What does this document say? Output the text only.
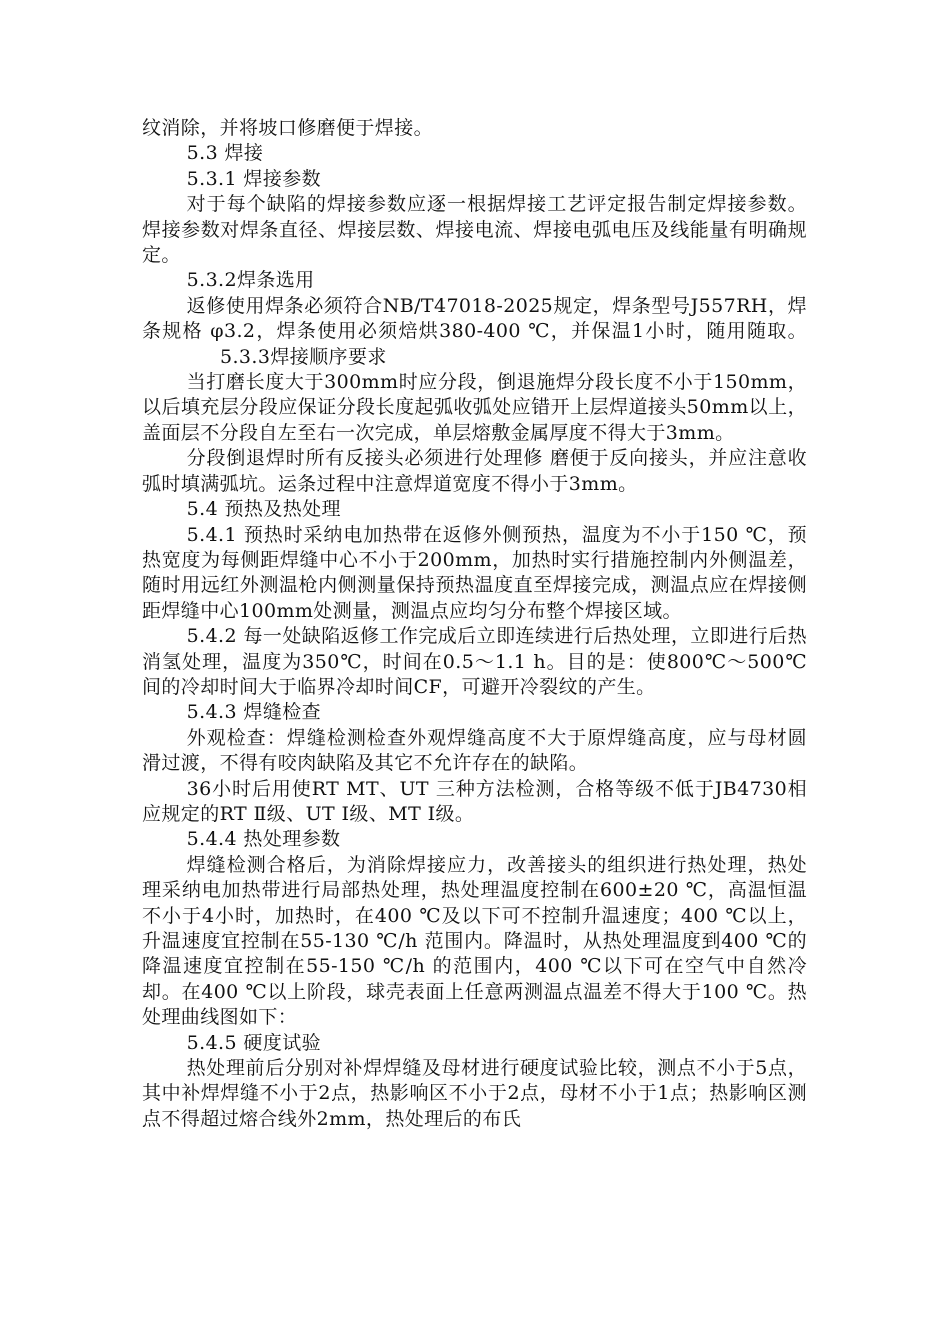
纹消除，并将坡口修磨便于焊接。

5.3 焊接

5.3.1 焊接参数

对于每个缺陷的焊接参数应逐一根据焊接工艺评定报告制定焊接参数。焊接参数对焊条直径、焊接层数、焊接电流、焊接电弧电压及线能量有明确规定。

5.3.2焊条选用

返修使用焊条必须符合NB/T47018-2025规定，焊条型号J557RH，焊条规格 φ3.2，焊条使用必须焙烘380-400 ℃，并保温1小时，随用随取。5.3.3焊接顺序要求

当打磨长度大于300mm时应分段，倒退施焊分段长度不小于150mm，以后填充层分段应保证分段长度起弧收弧处应错开上层焊道接头50mm以上，盖面层不分段自左至右一次完成，单层熔敷金属厚度不得大于3mm。

分段倒退焊时所有反接头必须进行处理修 磨便于反向接头，并应注意收弧时填满弧坑。运条过程中注意焊道宽度不得小于3mm。

5.4 预热及热处理

5.4.1 预热时采纳电加热带在返修外侧预热，温度为不小于150 ℃，预热宽度为每侧距焊缝中心不小于200mm，加热时实行措施控制内外侧温差，随时用远红外测温枪内侧测量保持预热温度直至焊接完成，测温点应在焊接侧距焊缝中心100mm处测量，测温点应均匀分布整个焊接区域。

5.4.2 每一处缺陷返修工作完成后立即连续进行后热处理，立即进行后热消氢处理，温度为350℃，时间在0.5～1.1 h。目的是：使800℃～500℃间的冷却时间大于临界冷却时间CF，可避开冷裂纹的产生。

5.4.3 焊缝检查

外观检查：焊缝检测检查外观焊缝高度不大于原焊缝高度，应与母材圆滑过渡，不得有咬肉缺陷及其它不允许存在的缺陷。

36小时后用使RT MT、UT 三种方法检测，合格等级不低于JB4730相应规定的RT Ⅱ级、UT Ⅰ级、MT Ⅰ级。

5.4.4 热处理参数

焊缝检测合格后，为消除焊接应力，改善接头的组织进行热处理，热处理采纳电加热带进行局部热处理，热处理温度控制在600±20 ℃，高温恒温不小于4小时，加热时，在400 ℃及以下可不控制升温速度；400 ℃以上，升温速度宜控制在55-130 ℃/h 范围内。降温时，从热处理温度到400 ℃的降温速度宜控制在55-150 ℃/h 的范围内，400 ℃以下可在空气中自然冷却。在400 ℃以上阶段，球壳表面上任意两测温点温差不得大于100 ℃。热处理曲线图如下：

5.4.5 硬度试验

热处理前后分别对补焊焊缝及母材进行硬度试验比较，测点不小于5点，其中补焊焊缝不小于2点，热影响区不小于2点，母材不小于1点；热影响区测点不得超过熔合线外2mm，热处理后的布氏
